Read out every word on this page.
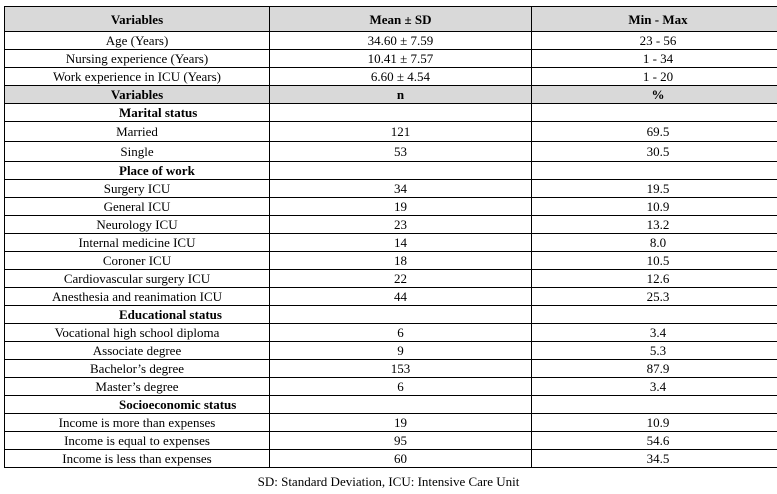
Variables	Mean ± SD	Min - Max
Age (Years)	34.60 ± 7.59	23 - 56
Nursing experience (Years)	10.41 ± 7.57	1 - 34
Work experience in ICU (Years)	6.60 ± 4.54	1 - 20
Variables	n	%
Marital status		
Married	121	69.5
Single	53	30.5
Place of work		
Surgery ICU	34	19.5
General ICU	19	10.9
Neurology ICU	23	13.2
Internal medicine ICU	14	8.0
Coroner ICU	18	10.5
Cardiovascular surgery ICU	22	12.6
Anesthesia and reanimation ICU	44	25.3
Educational status		
Vocational high school diploma	6	3.4
Associate degree	9	5.3
Bachelor’s degree	153	87.9
Master’s degree	6	3.4
Socioeconomic status		
Income is more than expenses	19	10.9
Income is equal to expenses	95	54.6
Income is less than expenses	60	34.5
SD: Standard Deviation, ICU: Intensive Care Unit
